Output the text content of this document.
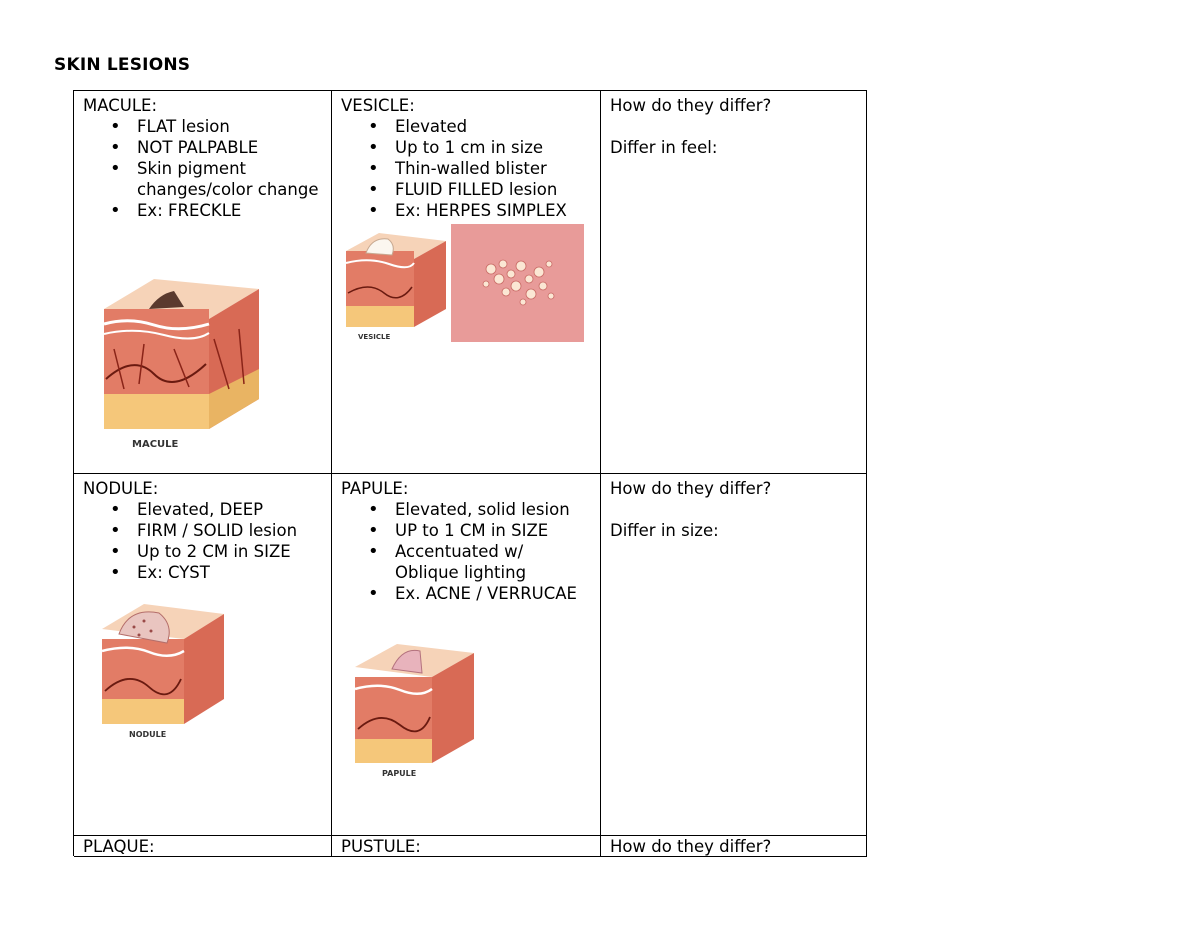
SKIN LESIONS
MACULE:
• FLAT lesion
• NOT PALPABLE
• Skin pigment changes/color change
• Ex: FRECKLE
MACULE
VESICLE:
• Elevated
• Up to 1 cm in size
• Thin-walled blister
• FLUID FILLED lesion
• Ex: HERPES SIMPLEX
VESICLE
How do they differ?
Differ in feel:
NODULE:
• Elevated, DEEP
• FIRM / SOLID lesion
• Up to 2 CM in SIZE
• Ex: CYST
NODULE
PAPULE:
• Elevated, solid lesion
• UP to 1 CM in SIZE
• Accentuated w/ Oblique lighting
• Ex. ACNE / VERRUCAE
PAPULE
How do they differ?
Differ in size:
PLAQUE:	PUSTULE:	How do they differ?
